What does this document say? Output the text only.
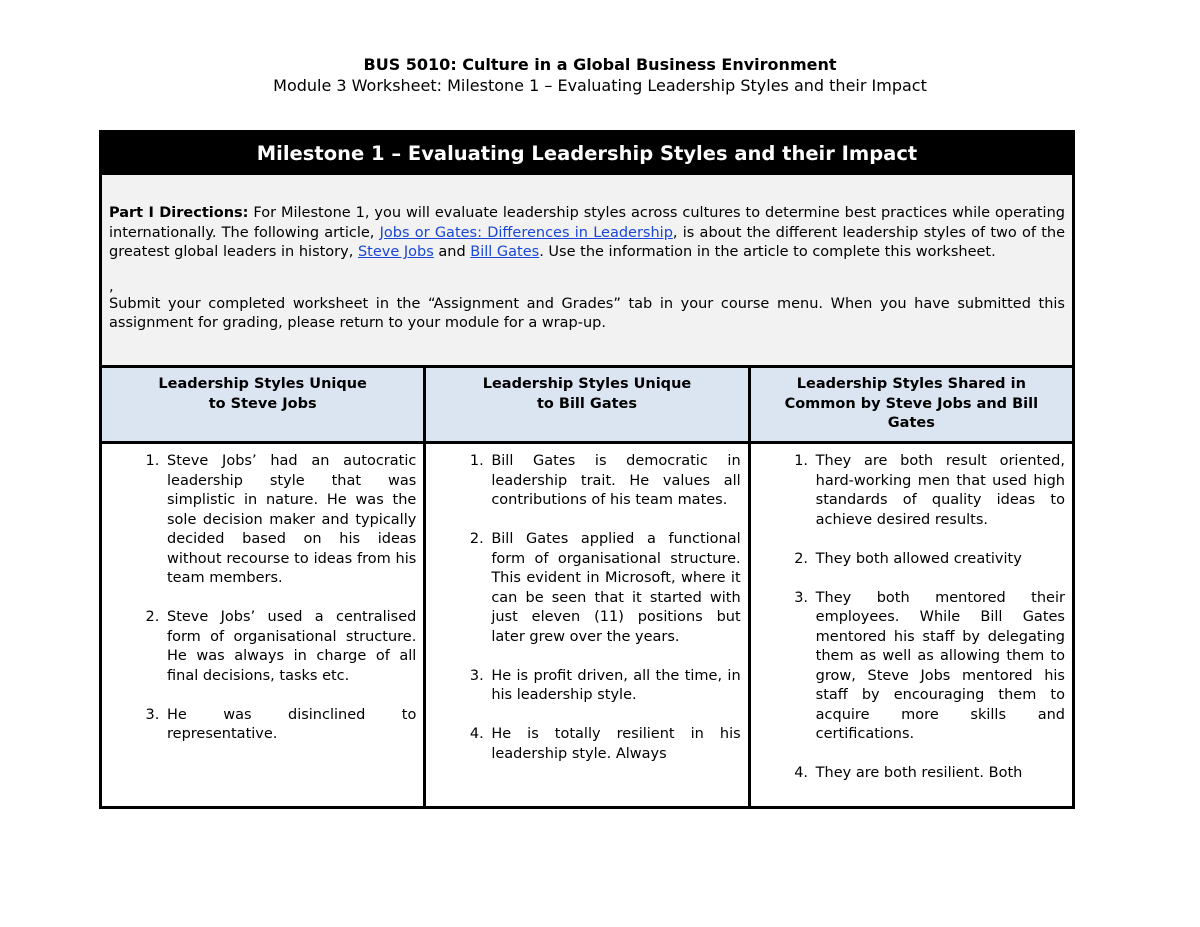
BUS 5010: Culture in a Global Business Environment
Module 3 Worksheet: Milestone 1 – Evaluating Leadership Styles and their Impact
Milestone 1 – Evaluating Leadership Styles and their Impact

Part I Directions: For Milestone 1, you will evaluate leadership styles across cultures to determine best practices while operating internationally. The following article, Jobs or Gates: Differences in Leadership, is about the different leadership styles of two of the greatest global leaders in history, Steve Jobs and Bill Gates. Use the information in the article to complete this worksheet.

,

Submit your completed worksheet in the “Assignment and Grades” tab in your course menu. When you have submitted this assignment for grading, please return to your module for a wrap-up.

Leadership Styles Unique
to Steve Jobs
1. Steve Jobs’ had an autocratic leadership style that was simplistic in nature. He was the sole decision maker and typically decided based on his ideas without recourse to ideas from his team members.
2. Steve Jobs’ used a centralised form of organisational structure. He was always in charge of all final decisions, tasks etc.
3. He was disinclined to representative.
Leadership Styles Unique
to Bill Gates
1. Bill Gates is democratic in leadership trait. He values all contributions of his team mates.
2. Bill Gates applied a functional form of organisational structure. This evident in Microsoft, where it can be seen that it started with just eleven (11) positions but later grew over the years.
3. He is profit driven, all the time, in his leadership style.
4. He is totally resilient in his leadership style. Always
Leadership Styles Shared in
Common by Steve Jobs and Bill
Gates
1. They are both result oriented, hard-working men that used high standards of quality ideas to achieve desired results.
2. They both allowed creativity
3. They both mentored their employees. While Bill Gates mentored his staff by delegating them as well as allowing them to grow, Steve Jobs mentored his staff by encouraging them to acquire more skills and certifications.
4. They are both resilient. Both
